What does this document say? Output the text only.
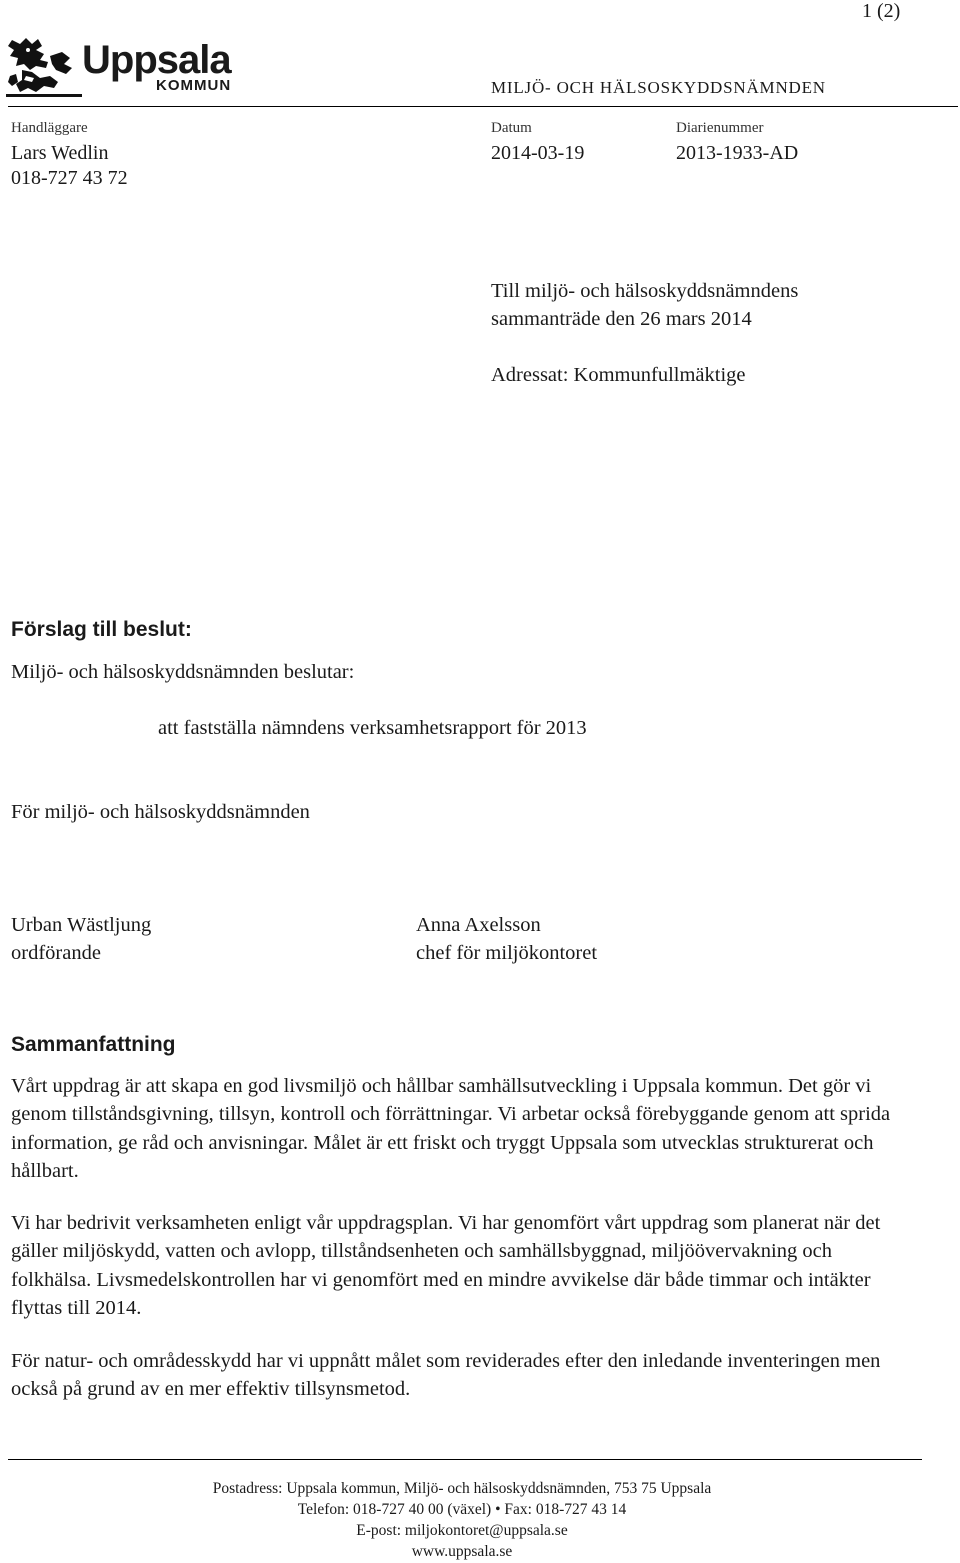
1 (2)
Uppsala
KOMMUN	MILJÖ- OCH HÄLSOSKYDDSNÄMNDEN
Handläggare
Lars Wedlin
018-727 43 72
Datum
2014-03-19
Diarienummer
2013-1933-AD
Till miljö- och hälsoskyddsnämndens
sammanträde den 26 mars 2014
Adressat: Kommunfullmäktige
Förslag till beslut:
Miljö- och hälsoskyddsnämnden beslutar:
att fastställa nämndens verksamhetsrapport för 2013
För miljö- och hälsoskyddsnämnden
Urban Wästljung
ordförande
Anna Axelsson
chef för miljökontoret
Sammanfattning

Vårt uppdrag är att skapa en god livsmiljö och hållbar samhällsutveckling i Uppsala kommun. Det gör vi genom tillståndsgivning, tillsyn, kontroll och förrättningar. Vi arbetar också förebyggande genom att sprida information, ge råd och anvisningar. Målet är ett friskt och tryggt Uppsala som utvecklas strukturerat och hållbart.

Vi har bedrivit verksamheten enligt vår uppdragsplan. Vi har genomfört vårt uppdrag som planerat när det gäller miljöskydd, vatten och avlopp, tillståndsenheten och samhällsbyggnad, miljöövervakning och folkhälsa. Livsmedelskontrollen har vi genomfört med en mindre avvikelse där både timmar och intäkter flyttas till 2014.

För natur- och områdesskydd har vi uppnått målet som reviderades efter den inledande inventeringen men också på grund av en mer effektiv tillsynsmetod.

Postadress: Uppsala kommun, Miljö- och hälsoskyddsnämnden, 753 75 Uppsala
Telefon: 018-727 40 00 (växel) • Fax: 018-727 43 14
E-post: miljokontoret@uppsala.se
www.uppsala.se
